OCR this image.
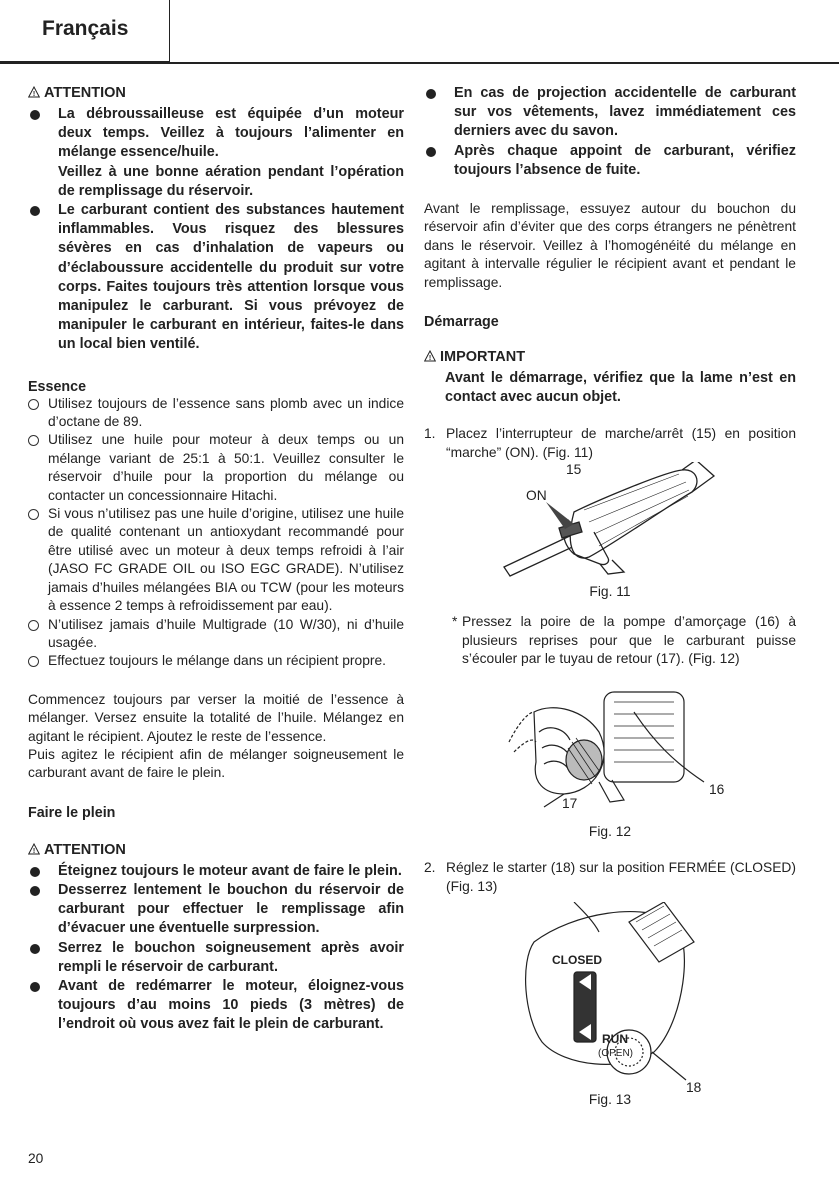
Français

! ATTENTION

La débroussailleuse est équipée d’un moteur deux temps. Veillez à toujours l’alimenter en mélange essence/huile.
Veillez à une bonne aération pendant l’opération de remplissage du réservoir.
Le carburant contient des substances hautement inflammables. Vous risquez des blessures sévères en cas d’inhalation de vapeurs ou d’éclaboussure accidentelle du produit sur votre corps. Faites toujours très attention lorsque vous manipulez le carburant. Si vous prévoyez de manipuler le carburant en intérieur, faites-le dans un local bien ventilé.

Essence

Utilisez toujours de l’essence sans plomb avec un indice d’octane de 89.
Utilisez une huile pour moteur à deux temps ou un mélange variant de 25:1 à 50:1. Veuillez consulter le réservoir d’huile pour la proportion du mélange ou contacter un concessionnaire Hitachi.
Si vous n’utilisez pas une huile d’origine, utilisez une huile de qualité contenant un antioxydant recommandé pour être utilisé avec un moteur à deux temps refroidi à l’air (JASO FC GRADE OIL ou ISO EGC GRADE). N’utilisez jamais d’huiles mélangées BIA ou TCW (pour les moteurs à essence 2 temps à refroidissement par eau).
N’utilisez jamais d’huile Multigrade (10 W/30), ni d’huile usagée.
Effectuez toujours le mélange dans un récipient propre.

Commencez toujours par verser la moitié de l’essence à mélanger. Versez ensuite la totalité de l’huile. Mélangez en agitant le récipient. Ajoutez le reste de l’essence.

Puis agitez le récipient afin de mélanger soigneusement le carburant avant de faire le plein.

Faire le plein

! ATTENTION

Éteignez toujours le moteur avant de faire le plein.
Desserrez lentement le bouchon du réservoir de carburant pour effectuer le remplissage afin d’évacuer une éventuelle surpression.
Serrez le bouchon soigneusement après avoir rempli le réservoir de carburant.
Avant de redémarrer le moteur, éloignez-vous toujours d’au moins 10 pieds (3 mètres) de l’endroit où vous avez fait le plein de carburant.
En cas de projection accidentelle de carburant sur vos vêtements, lavez immédiatement ces derniers avec du savon.
Après chaque appoint de carburant, vérifiez toujours l’absence de fuite.

Avant le remplissage, essuyez autour du bouchon du réservoir afin d’éviter que des corps étrangers ne pénètrent dans le réservoir. Veillez à l’homogénéité du mélange en agitant à intervalle régulier le récipient avant et pendant le remplissage.

Démarrage

! IMPORTANT

Avant le démarrage, vérifiez que la lame n’est en contact avec aucun objet.

1. Placez l’interrupteur de marche/arrêt (15) en position “marche” (ON). (Fig. 11)
15
ON

Fig. 11

* Pressez la poire de la pompe d’amorçage (16) à plusieurs reprises pour que le carburant puisse s’écouler par le tuyau de retour (17). (Fig. 12)
17
16

Fig. 12

2. Réglez le starter (18) sur la position FERMÉE (CLOSED)(Fig. 13)
CLOSED
RUN
(OPEN)
18

Fig. 13

20
